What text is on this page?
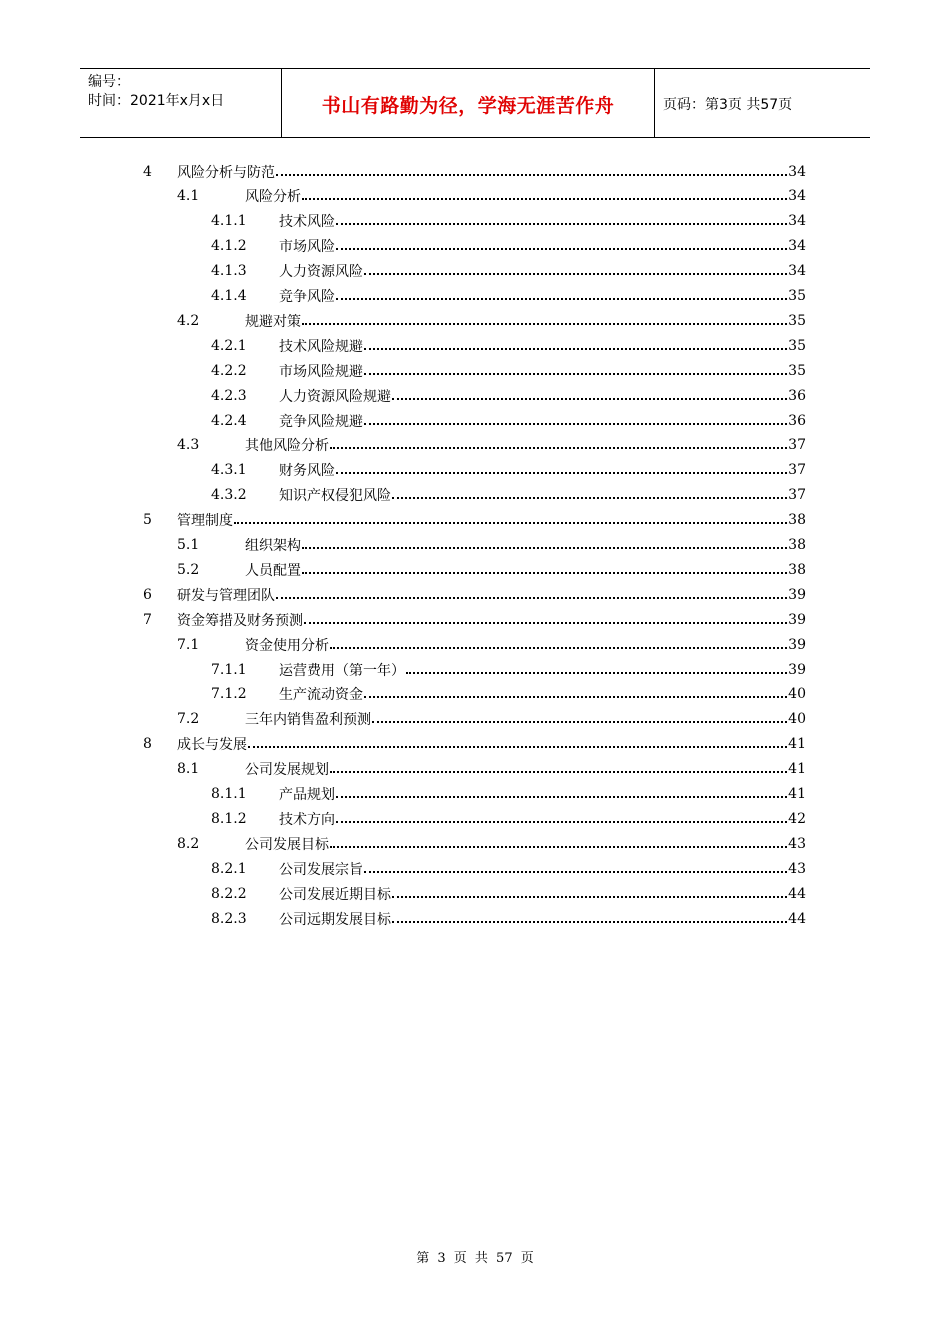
编号：
时间：2021年x月x日	书山有路勤为径，学海无涯苦作舟	页码：第3页 共57页
4	风险分析与防范	34
4.1	风险分析	34
4.1.1	技术风险	34
4.1.2	市场风险	34
4.1.3	人力资源风险	34
4.1.4	竞争风险	35
4.2	规避对策	35
4.2.1	技术风险规避	35
4.2.2	市场风险规避	35
4.2.3	人力资源风险规避	36
4.2.4	竞争风险规避	36
4.3	其他风险分析	37
4.3.1	财务风险	37
4.3.2	知识产权侵犯风险	37
5	管理制度	38
5.1	组织架构	38
5.2	人员配置	38
6	研发与管理团队	39
7	资金筹措及财务预测	39
7.1	资金使用分析	39
7.1.1	运营费用（第一年）	39
7.1.2	生产流动资金	40
7.2	三年内销售盈利预测	40
8	成长与发展	41
8.1	公司发展规划	41
8.1.1	产品规划	41
8.1.2	技术方向	42
8.2	公司发展目标	43
8.2.1	公司发展宗旨	43
8.2.2	公司发展近期目标	44
8.2.3	公司远期发展目标	44
第 3 页 共 57 页
